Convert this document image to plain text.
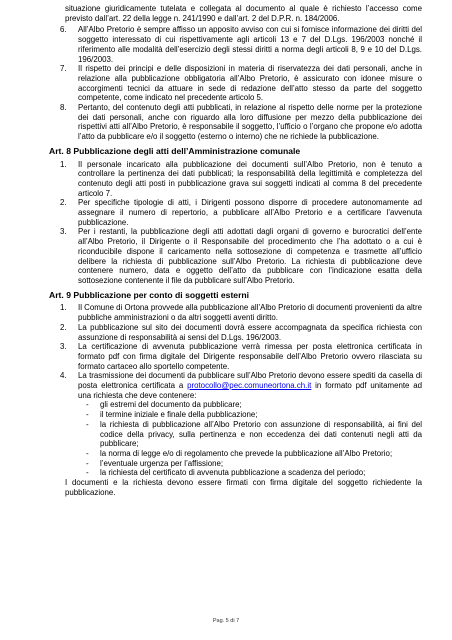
situazione giuridicamente tutelata e collegata al documento al quale è richiesto l’accesso come previsto dall’art. 22 della legge n. 241/1990 e dall’art. 2 del D.P.R. n. 184/2006.
6.	All’Albo Pretorio è sempre affisso un apposito avviso con cui si fornisce informazione dei diritti del soggetto interessato di cui rispettivamente agli articoli 13 e 7 del D.Lgs. 196/2003 nonché il riferimento alle modalità dell’esercizio degli stessi diritti a norma degli articoli 8, 9 e 10 del D.Lgs. 196/2003.
7.	Il rispetto dei principi e delle disposizioni in materia di riservatezza dei dati personali, anche in relazione alla pubblicazione obbligatoria all’Albo Pretorio, è assicurato con idonee misure o accorgimenti tecnici da attuare in sede di redazione dell’atto stesso da parte del soggetto competente, come indicato nel precedente articolo 5.
8.	Pertanto, del contenuto degli atti pubblicati, in relazione al rispetto delle norme per la protezione dei dati personali, anche con riguardo alla loro diffusione per mezzo della pubblicazione dei rispettivi atti all’Albo Pretorio, è responsabile il soggetto, l’ufficio o l’organo che propone e/o adotta l’atto da pubblicare e/o il soggetto (esterno o interno) che ne richiede la pubblicazione.
Art. 8 Pubblicazione degli atti dell’Amministrazione comunale
1.	Il personale incaricato alla pubblicazione dei documenti sull’Albo Pretorio, non è tenuto a controllare la pertinenza dei dati pubblicati; la responsabilità della legittimità e completezza del contenuto degli atti posti in pubblicazione grava sui soggetti indicati al comma 8 del precedente articolo 7.
2.	Per specifiche tipologie di atti, i Dirigenti possono disporre di procedere autonomamente ad assegnare il numero di repertorio, a pubblicare all’Albo Pretorio e a certificare l’avvenuta pubblicazione.
3.	Per i restanti, la pubblicazione degli atti adottati dagli organi di governo e burocratici dell’ente all’Albo Pretorio, il Dirigente o il Responsabile del procedimento che l’ha adottato o a cui è riconducibile dispone il caricamento nella sottosezione di competenza e trasmette all’ufficio delibere la richiesta di pubblicazione sull’Albo Pretorio. La richiesta di pubblicazione deve contenere numero, data e oggetto dell’atto da pubblicare con l’indicazione esatta della sottosezione contenente il file da pubblicare sull’Albo Pretorio.
Art. 9 Pubblicazione per conto di soggetti esterni
1.	Il Comune di Ortona provvede alla pubblicazione all’Albo Pretorio di documenti provenienti da altre pubbliche amministrazioni o da altri soggetti aventi diritto.
2.	La pubblicazione sul sito dei documenti dovrà essere accompagnata da specifica richiesta con assunzione di responsabilità ai sensi del D.Lgs. 196/2003.
3.	La certificazione di avvenuta pubblicazione verrà rimessa per posta elettronica certificata in formato pdf con firma digitale del Dirigente responsabile dell’Albo Pretorio ovvero rilasciata su formato cartaceo allo sportello competente.
4.	La trasmissione dei documenti da pubblicare sull’Albo Pretorio devono essere spediti da casella di posta elettronica certificata a protocollo@pec.comuneortona.ch.it in formato pdf unitamente ad una richiesta che deve contenere:
-	gli estremi del documento da pubblicare;
-	il termine iniziale e finale della pubblicazione;
-	la richiesta di pubblicazione all’Albo Pretorio con assunzione di responsabilità, ai fini del codice della privacy, sulla pertinenza e non eccedenza dei dati contenuti negli atti da pubblicare;
-	la norma di legge e/o di regolamento che prevede la pubblicazione all’Albo Pretorio;
-	l’eventuale urgenza per l’affissione;
-	la richiesta del certificato di avvenuta pubblicazione a scadenza del periodo;
I documenti e la richiesta devono essere firmati con firma digitale del soggetto richiedente la pubblicazione.
Pag. 5 di 7
